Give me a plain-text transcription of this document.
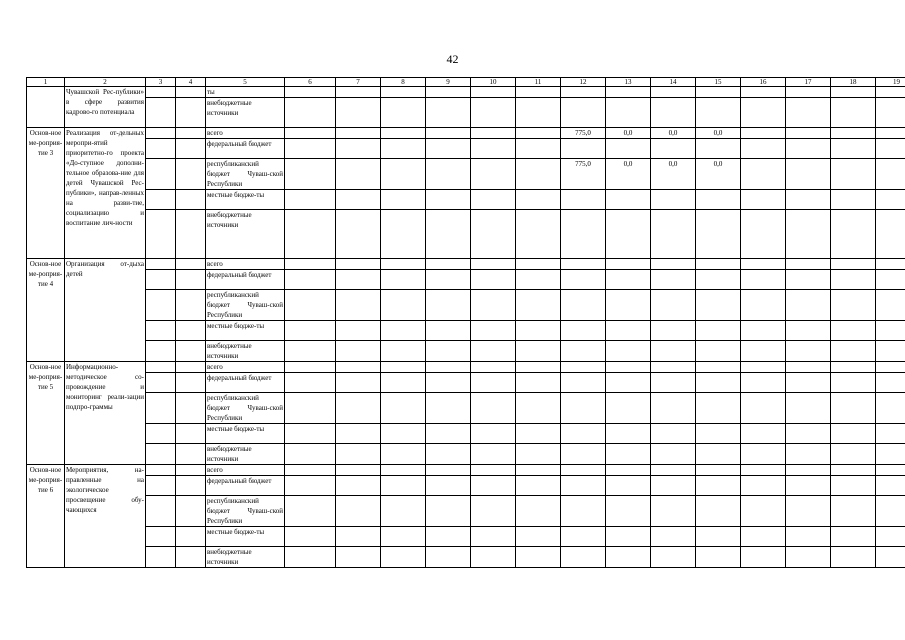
42
1	2	3	4	5	6	7	8	9	10	11	12	13	14	15	16	17	18	19
	Чувашской Рес-публики» в сфере развития кадрово-го потенциала			ты														
				внебюджетные источники														
Основ-ное ме-роприя-тие 3	Реализация от-дельных меропри-ятий приоритетно-го проекта «До-ступное дополни-тельное образова-ние для детей Чувашской Рес-публики», направ-ленных на разви-тие, социализацию и воспитание лич-ности			всего							775,0	0,0	0,0	0,0				
				федеральный бюджет														
				республиканский бюджет Чуваш-ской Республики							775,0	0,0	0,0	0,0				
				местные бюдже-ты														
				внебюджетные источники														
Основ-ное ме-роприя-тие 4	Организация от-дыха детей			всего														
				федеральный бюджет														
				республиканский бюджет Чуваш-ской Республики														
				местные бюдже-ты														
				внебюджетные источники														
Основ-ное ме-роприя-тие 5	Информационно-методическое со-провождение и мониторинг реали-зации подпро-граммы			всего														
				федеральный бюджет														
				республиканский бюджет Чуваш-ской Республики														
				местные бюдже-ты														
				внебюджетные источники														
Основ-ное ме-роприя-тие 6	Мероприятия, на-правленные на экологическое просвещение обу-чающихся			всего														
				федеральный бюджет														
				республиканский бюджет Чуваш-ской Республики														
				местные бюдже-ты														
				внебюджетные источники														
